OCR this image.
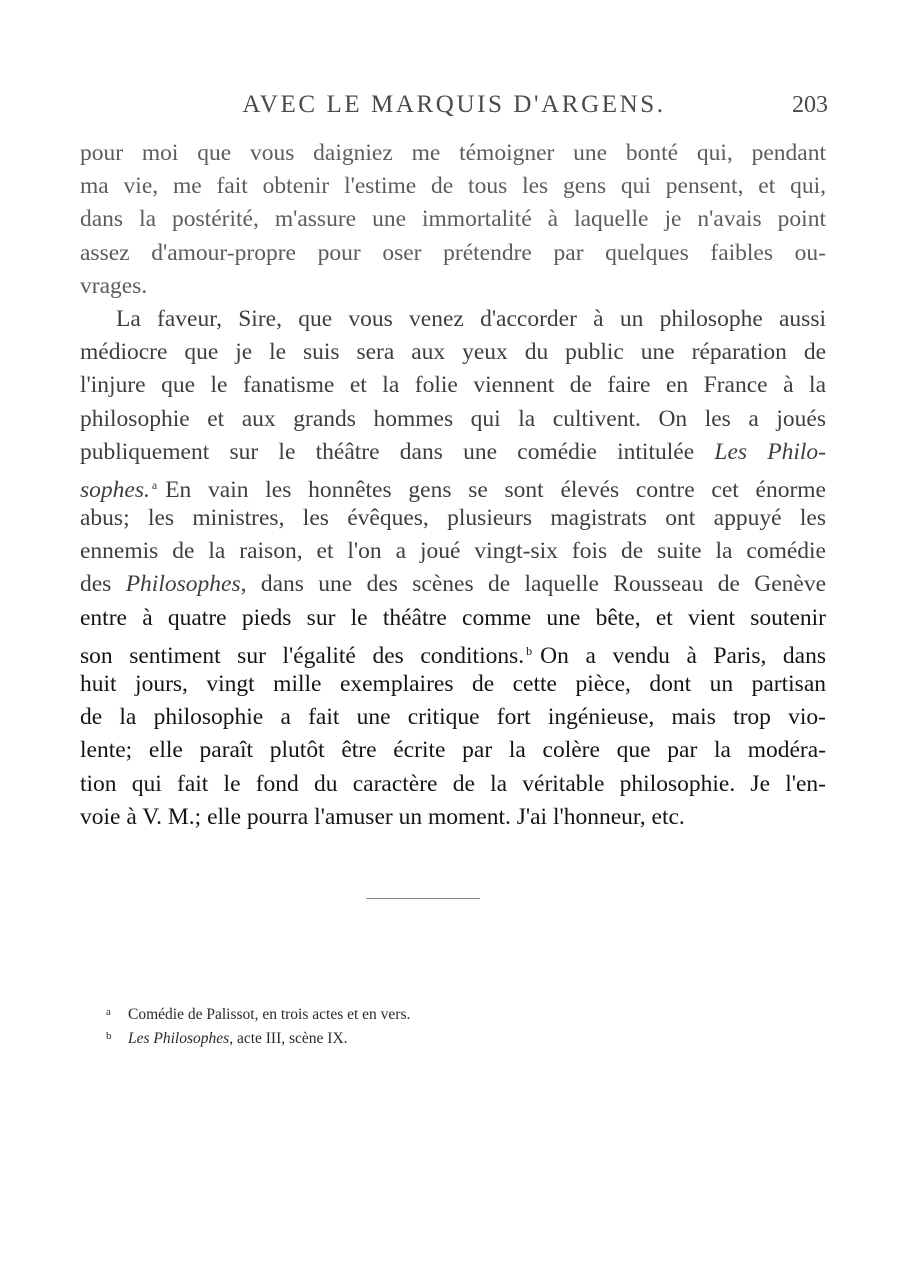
AVEC LE MARQUIS D'ARGENS.	203
pour moi que vous daigniez me témoigner une bonté qui, pendant
ma vie, me fait obtenir l'estime de tous les gens qui pensent, et qui,
dans la postérité, m'assure une immortalité à laquelle je n'avais point
assez d'amour-propre pour oser prétendre par quelques faibles ou-
vrages.
La faveur, Sire, que vous venez d'accorder à un philosophe aussi
médiocre que je le suis sera aux yeux du public une réparation de
l'injure que le fanatisme et la folie viennent de faire en France à la
philosophie et aux grands hommes qui la cultivent. On les a joués
publiquement sur le théâtre dans une comédie intitulée Les Philo-
sophes. $^a$ En vain les honnêtes gens se sont élevés contre cet énorme
abus; les ministres, les évêques, plusieurs magistrats ont appuyé les
ennemis de la raison, et l'on a joué vingt-six fois de suite la comédie
des Philosophes, dans une des scènes de laquelle Rousseau de Genève
entre à quatre pieds sur le théâtre comme une bête, et vient soutenir
son sentiment sur l'égalité des conditions. $^b$ On a vendu à Paris, dans
huit jours, vingt mille exemplaires de cette pièce, dont un partisan
de la philosophie a fait une critique fort ingénieuse, mais trop vio-
lente; elle paraît plutôt être écrite par la colère que par la modéra-
tion qui fait le fond du caractère de la véritable philosophie. Je l'en-
voie à V. M.; elle pourra l'amuser un moment. J'ai l'honneur, etc.
a Comédie de Palissot, en trois actes et en vers.
b Les Philosophes, acte III, scène IX.
